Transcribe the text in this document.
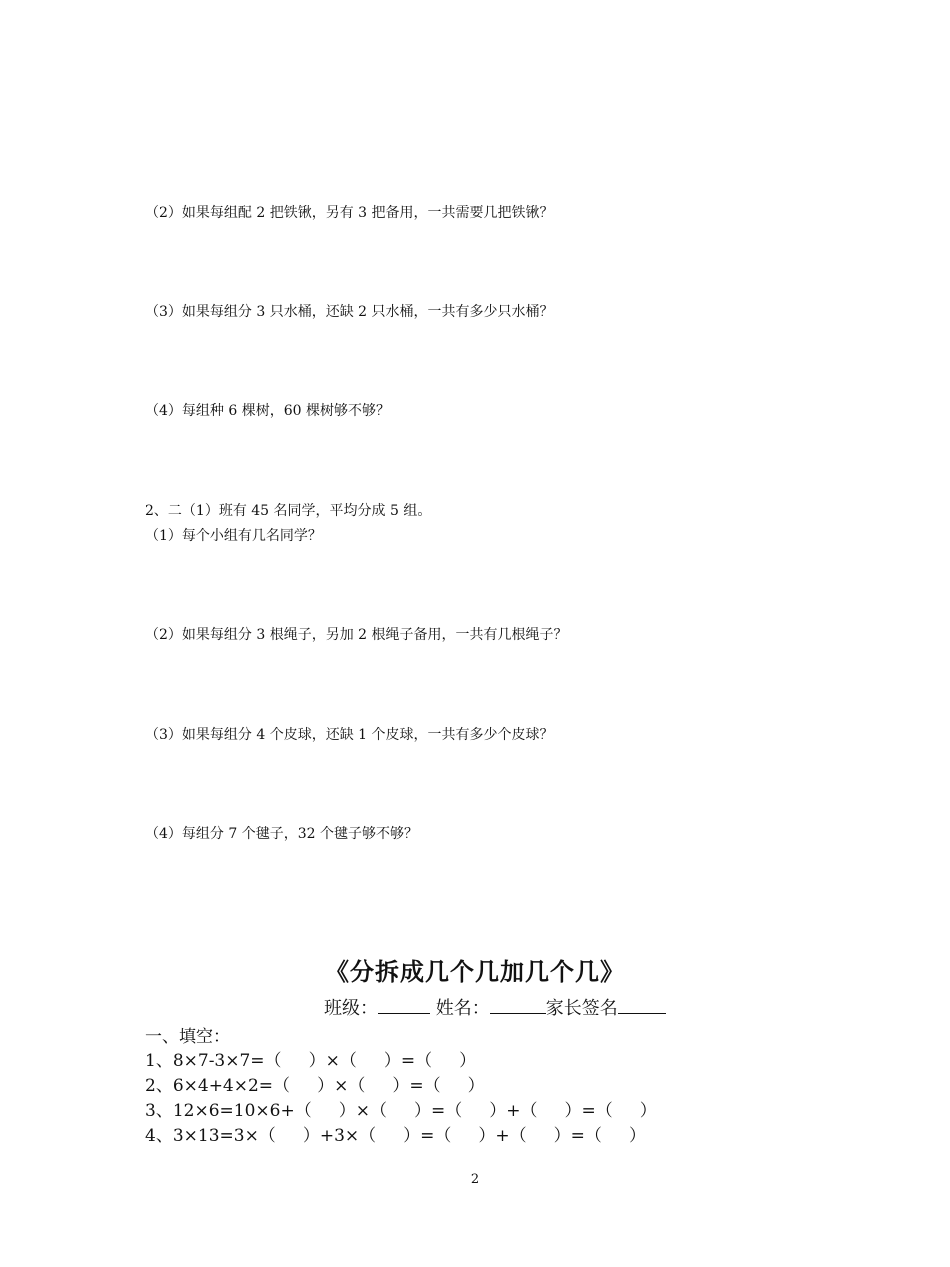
（2）如果每组配 2 把铁锹，另有 3 把备用，一共需要几把铁锹？
（3）如果每组分 3 只水桶，还缺 2 只水桶，一共有多少只水桶？
（4）每组种 6 棵树，60 棵树够不够？
2、二（1）班有 45 名同学，平均分成 5 组。
（1）每个小组有几名同学？
（2）如果每组分 3 根绳子，另加 2 根绳子备用，一共有几根绳子？
（3）如果每组分 4 个皮球，还缺 1 个皮球，一共有多少个皮球？
（4）每组分 7 个毽子，32 个毽子够不够？
《分拆成几个几加几个几》
班级：	姓名：	家长签名
一、填空：
1、8×7-3×7=（     ）×（     ）=（     ）
2、6×4+4×2=（     ）×（     ）=（     ）
3、12×6=10×6+（     ）×（     ）=（     ）+（     ）=（     ）
4、3×13=3×（     ）+3×（     ）=（     ）+（     ）=（     ）
2
